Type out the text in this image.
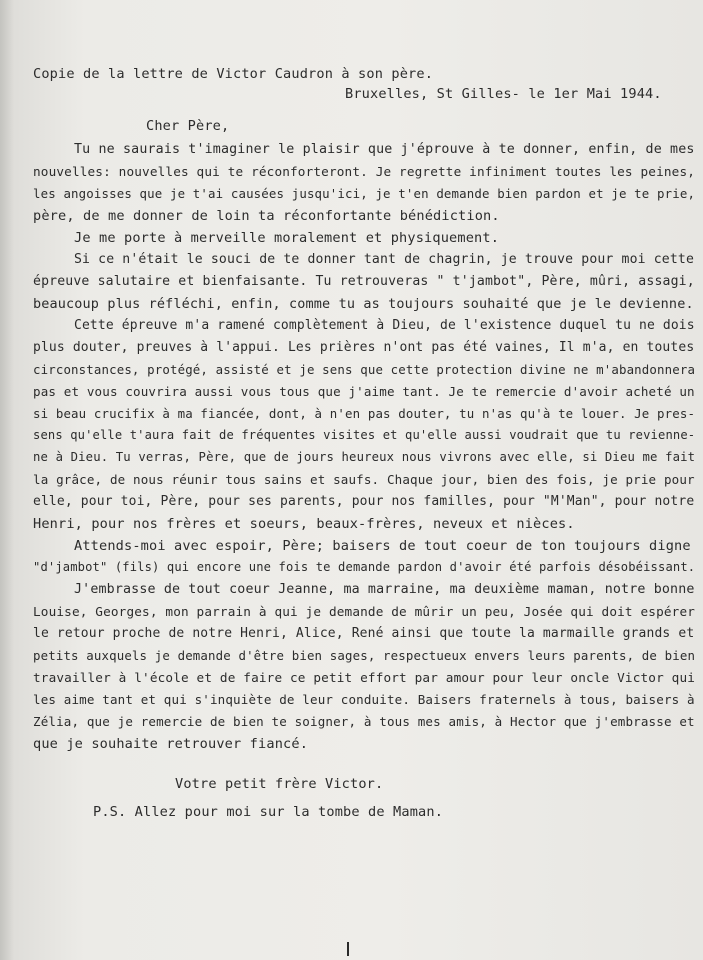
Copie de la lettre de Victor Caudron à son père.
Bruxelles, St Gilles- le 1er Mai 1944.
Cher Père,
Tu ne saurais t'imaginer le plaisir que j'éprouve à te donner, enfin, de mes
nouvelles: nouvelles qui te réconforteront. Je regrette infiniment toutes les peines,
les angoisses que je t'ai causées jusqu'ici, je t'en demande bien pardon et je te prie,
père, de me donner de loin ta réconfortante bénédiction.
Je me porte à merveille moralement et physiquement.
Si ce n'était le souci de te donner tant de chagrin, je trouve pour moi cette
épreuve salutaire et bienfaisante. Tu retrouveras " t'jambot", Père, mûri, assagi,
beaucoup plus réfléchi, enfin, comme tu as toujours souhaité que je le devienne.
Cette épreuve m'a ramené complètement à Dieu, de l'existence duquel tu ne dois
plus douter, preuves à l'appui. Les prières n'ont pas été vaines, Il m'a, en toutes
circonstances, protégé, assisté et je sens que cette protection divine ne m'abandonnera
pas et vous couvrira aussi vous tous que j'aime tant. Je te remercie d'avoir acheté un
si beau crucifix à ma fiancée, dont, à n'en pas douter, tu n'as qu'à te louer. Je pres-
sens qu'elle t'aura fait de fréquentes visites et qu'elle aussi voudrait que tu revienne-
ne à Dieu. Tu verras, Père, que de jours heureux nous vivrons avec elle, si Dieu me fait
la grâce, de nous réunir tous sains et saufs. Chaque jour, bien des fois, je prie pour
elle, pour toi, Père, pour ses parents, pour nos familles, pour "M'Man", pour notre
Henri, pour nos frères et soeurs, beaux-frères, neveux et nièces.
Attends-moi avec espoir, Père; baisers de tout coeur de ton toujours digne
"d'jambot" (fils) qui encore une fois te demande pardon d'avoir été parfois désobéissant.
J'embrasse de tout coeur Jeanne, ma marraine, ma deuxième maman, notre bonne
Louise, Georges, mon parrain à qui je demande de mûrir un peu, Josée qui doit espérer
le retour proche de notre Henri, Alice, René ainsi que toute la marmaille grands et
petits auxquels je demande d'être bien sages, respectueux envers leurs parents, de bien
travailler à l'école et de faire ce petit effort par amour pour leur oncle Victor qui
les aime tant et qui s'inquiète de leur conduite. Baisers fraternels à tous, baisers à
Zélia, que je remercie de bien te soigner, à tous mes amis, à Hector que j'embrasse et
que je souhaite retrouver fiancé.
Votre petit frère Victor.
P.S. Allez pour moi sur la tombe de Maman.
